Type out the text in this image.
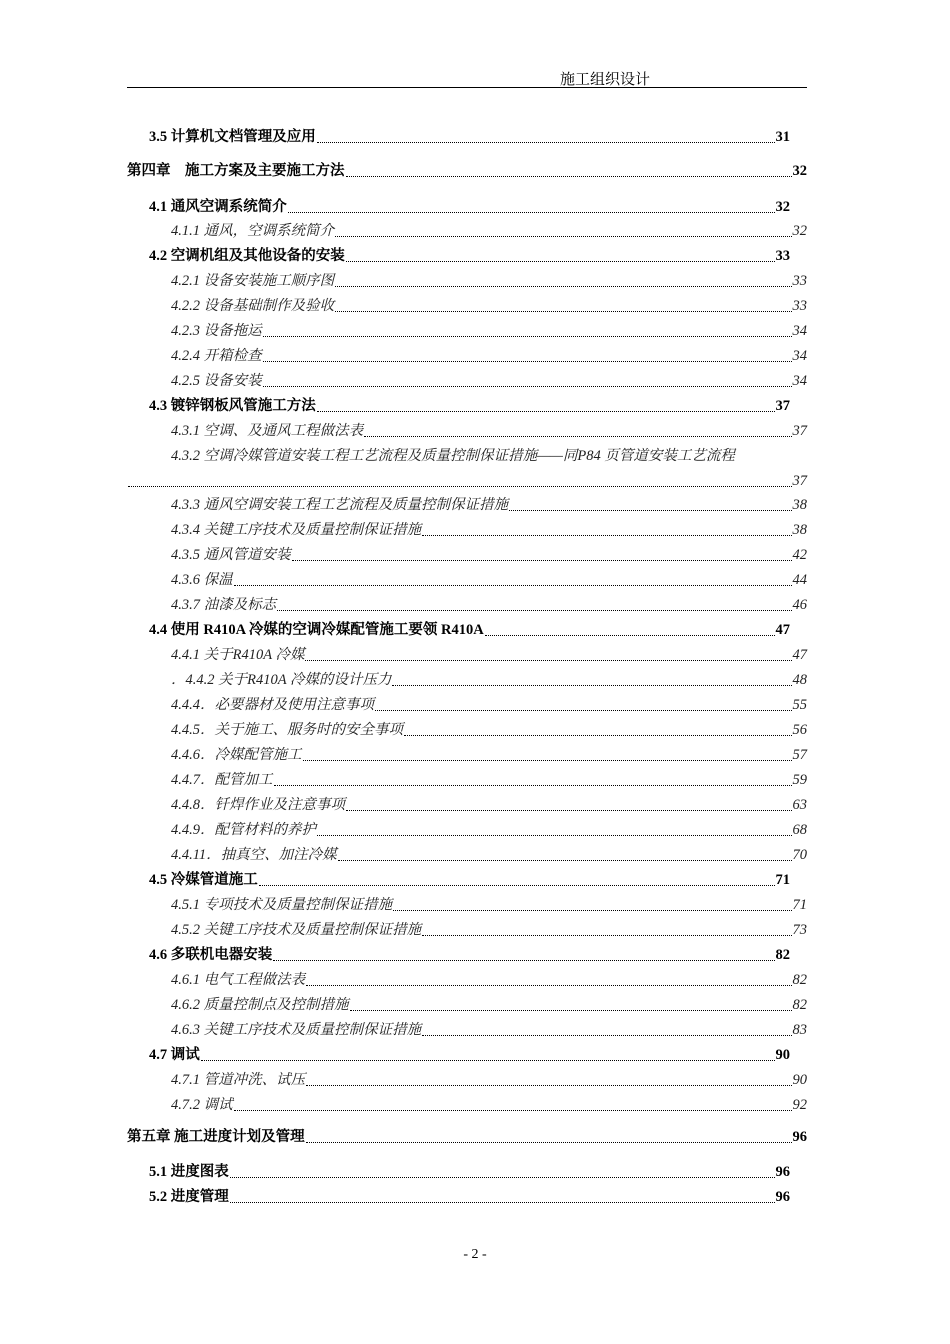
施工组织设计
3.5 计算机文档管理及应用	31
第四章　施工方案及主要施工方法	32
4.1 通风空调系统简介	32
4.1.1 通风，空调系统简介	32
4.2 空调机组及其他设备的安装	33
4.2.1 设备安装施工顺序图	33
4.2.2 设备基础制作及验收	33
4.2.3 设备拖运	34
4.2.4 开箱检查	34
4.2.5 设备安装	34
4.3 镀锌钢板风管施工方法	37
4.3.1 空调、及通风工程做法表	37
4.3.2 空调冷媒管道安装工程工艺流程及质量控制保证措施——同P84 页管道安装工艺流程
37
4.3.3 通风空调安装工程工艺流程及质量控制保证措施	38
4.3.4 关键工序技术及质量控制保证措施	38
4.3.5 通风管道安装	42
4.3.6 保温	44
4.3.7 油漆及标志	46
4.4 使用 R410A 冷媒的空调冷媒配管施工要领 R410A	47
4.4.1 关于R410A 冷媒	47
．4.4.2 关于R410A 冷媒的设计压力	48
4.4.4．必要器材及使用注意事项	55
4.4.5．关于施工、服务时的安全事项	56
4.4.6．冷媒配管施工	57
4.4.7．配管加工	59
4.4.8．钎焊作业及注意事项	63
4.4.9．配管材料的养护	68
4.4.11．抽真空、加注冷媒	70
4.5 冷媒管道施工	71
4.5.1 专项技术及质量控制保证措施	71
4.5.2 关键工序技术及质量控制保证措施	73
4.6 多联机电器安装	82
4.6.1 电气工程做法表	82
4.6.2 质量控制点及控制措施	82
4.6.3 关键工序技术及质量控制保证措施	83
4.7 调试	90
4.7.1 管道冲洗、试压	90
4.7.2 调试	92
第五章 施工进度计划及管理	96
5.1 进度图表	96
5.2 进度管理	96
- 2 -
